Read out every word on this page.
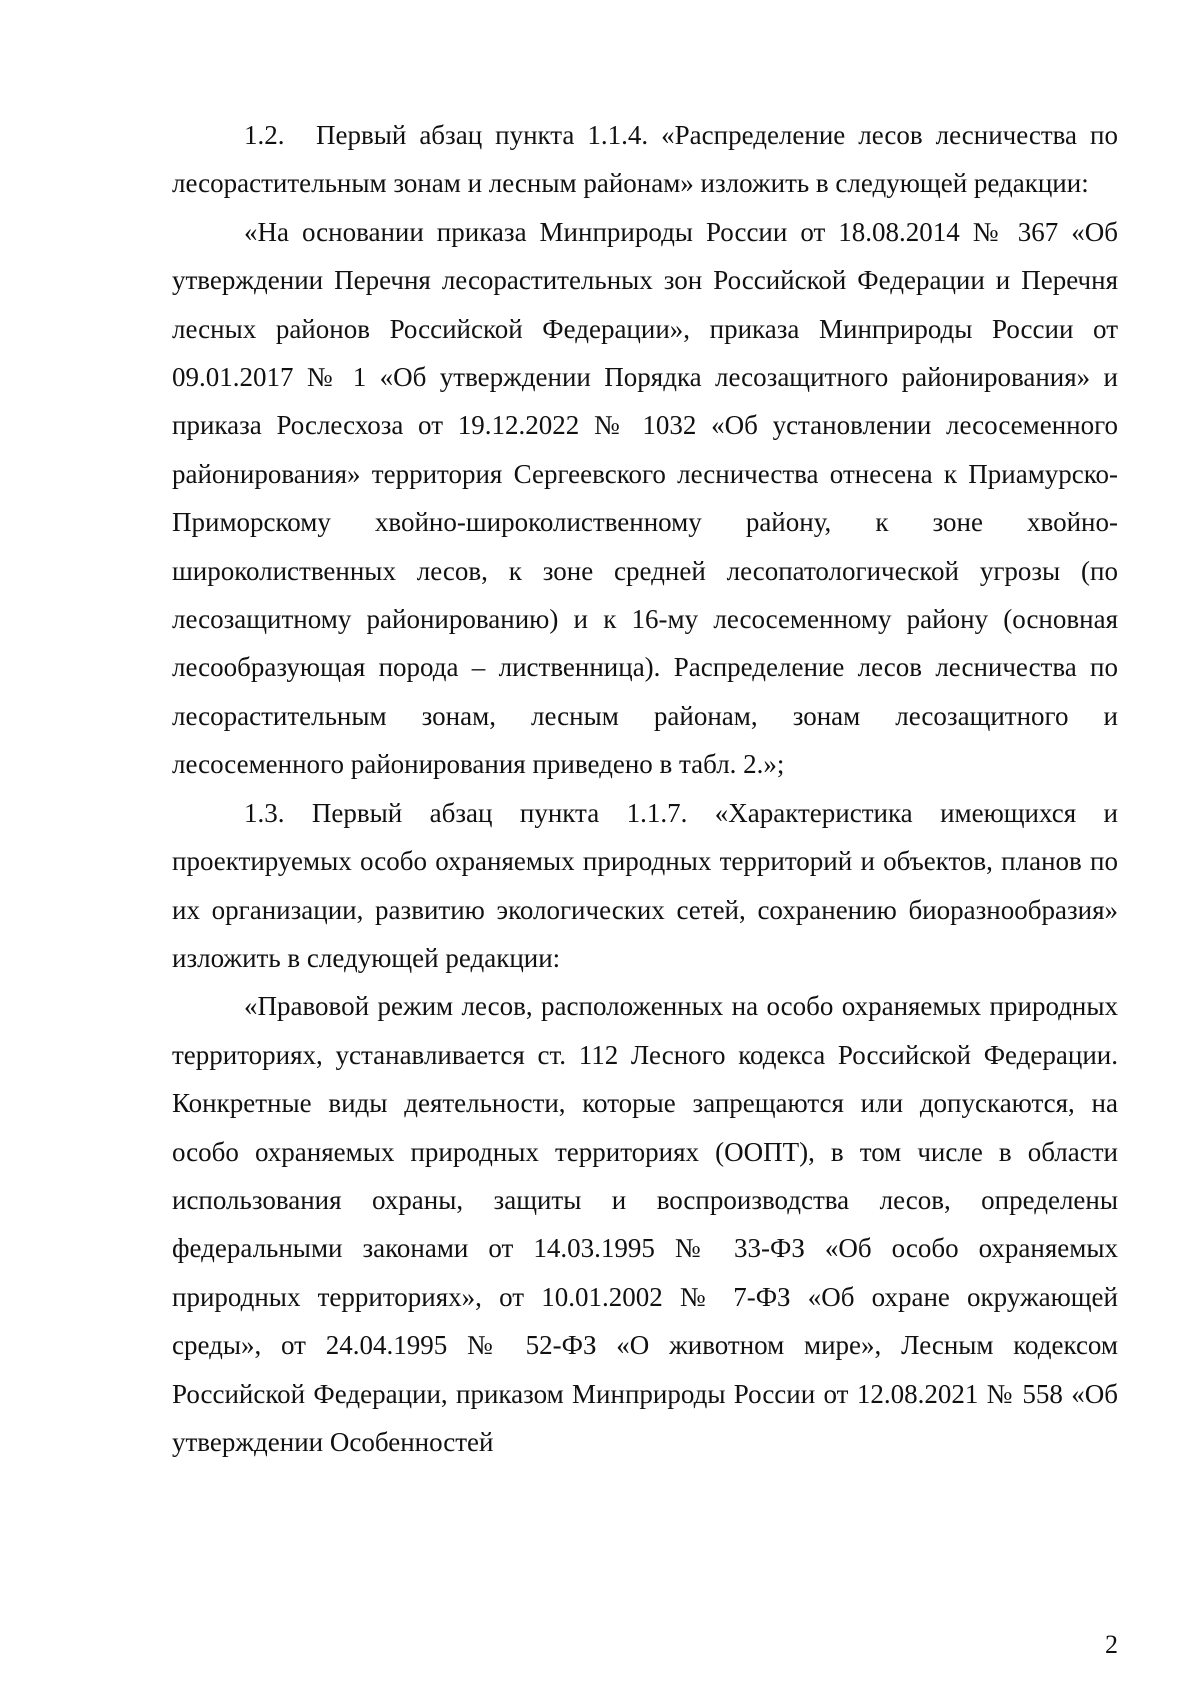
1.2. Первый абзац пункта 1.1.4. «Распределение лесов лесничества по лесорастительным зонам и лесным районам» изложить в следующей редакции:

«На основании приказа Минприроды России от 18.08.2014 № 367 «Об утверждении Перечня лесорастительных зон Российской Федерации и Перечня лесных районов Российской Федерации», приказа Минприроды России от 09.01.2017 № 1 «Об утверждении Порядка лесозащитного районирования» и приказа Рослесхоза от 19.12.2022 № 1032 «Об установлении лесосеменного районирования» территория Сергеевского лесничества отнесена к Приамурско-Приморскому хвойно-широколиственному району, к зоне хвойно-широколиственных лесов, к зоне средней лесопатологической угрозы (по лесозащитному районированию) и к 16-му лесосеменному району (основная лесообразующая порода – лиственница). Распределение лесов лесничества по лесорастительным зонам, лесным районам, зонам лесозащитного и лесосеменного районирования приведено в табл. 2.»;

1.3. Первый абзац пункта 1.1.7. «Характеристика имеющихся и проектируемых особо охраняемых природных территорий и объектов, планов по их организации, развитию экологических сетей, сохранению биоразнообразия» изложить в следующей редакции:

«Правовой режим лесов, расположенных на особо охраняемых природных территориях, устанавливается ст. 112 Лесного кодекса Российской Федерации. Конкретные виды деятельности, которые запрещаются или допускаются, на особо охраняемых природных территориях (ООПТ), в том числе в области использования охраны, защиты и воспроизводства лесов, определены федеральными законами от 14.03.1995 № 33-ФЗ «Об особо охраняемых природных территориях», от 10.01.2002 № 7-ФЗ «Об охране окружающей среды», от 24.04.1995 № 52-ФЗ «О животном мире», Лесным кодексом Российской Федерации, приказом Минприроды России от 12.08.2021 № 558 «Об утверждении Особенностей

2
